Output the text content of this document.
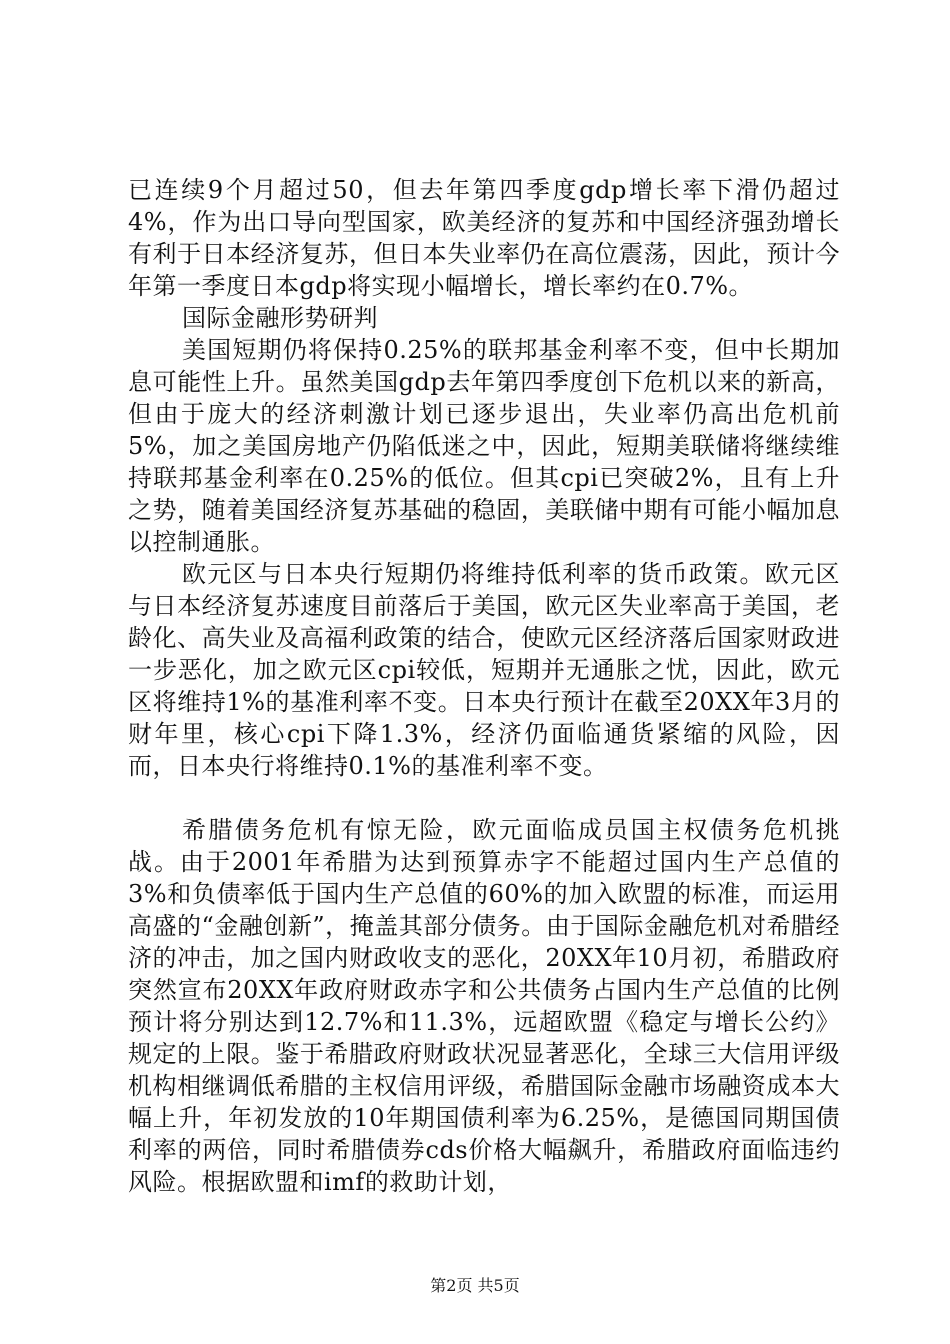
已连续9个月超过50，但去年第四季度gdp增长率下滑仍超过4%，作为出口导向型国家，欧美经济的复苏和中国经济强劲增长有利于日本经济复苏，但日本失业率仍在高位震荡，因此，预计今年第一季度日本gdp将实现小幅增长，增长率约在0.7%。

国际金融形势研判

美国短期仍将保持0.25%的联邦基金利率不变，但中长期加息可能性上升。虽然美国gdp去年第四季度创下危机以来的新高，但由于庞大的经济刺激计划已逐步退出，失业率仍高出危机前5%，加之美国房地产仍陷低迷之中，因此，短期美联储将继续维持联邦基金利率在0.25%的低位。但其cpi已突破2%，且有上升之势，随着美国经济复苏基础的稳固，美联储中期有可能小幅加息以控制通胀。

欧元区与日本央行短期仍将维持低利率的货币政策。欧元区与日本经济复苏速度目前落后于美国，欧元区失业率高于美国，老龄化、高失业及高福利政策的结合，使欧元区经济落后国家财政进一步恶化，加之欧元区cpi较低，短期并无通胀之忧，因此，欧元区将维持1%的基准利率不变。日本央行预计在截至20XX年3月的财年里，核心cpi下降1.3%，经济仍面临通货紧缩的风险，因而，日本央行将维持0.1%的基准利率不变。

希腊债务危机有惊无险，欧元面临成员国主权债务危机挑战。由于2001年希腊为达到预算赤字不能超过国内生产总值的3%和负债率低于国内生产总值的60%的加入欧盟的标准，而运用高盛的“金融创新”，掩盖其部分债务。由于国际金融危机对希腊经济的冲击，加之国内财政收支的恶化，20XX年10月初，希腊政府突然宣布20XX年政府财政赤字和公共债务占国内生产总值的比例预计将分别达到12.7%和11.3%，远超欧盟《稳定与增长公约》规定的上限。鉴于希腊政府财政状况显著恶化，全球三大信用评级机构相继调低希腊的主权信用评级，希腊国际金融市场融资成本大幅上升，年初发放的10年期国债利率为6.25%，是德国同期国债利率的两倍，同时希腊债券cds价格大幅飙升，希腊政府面临违约风险。根据欧盟和imf的救助计划，

第2页 共5页
